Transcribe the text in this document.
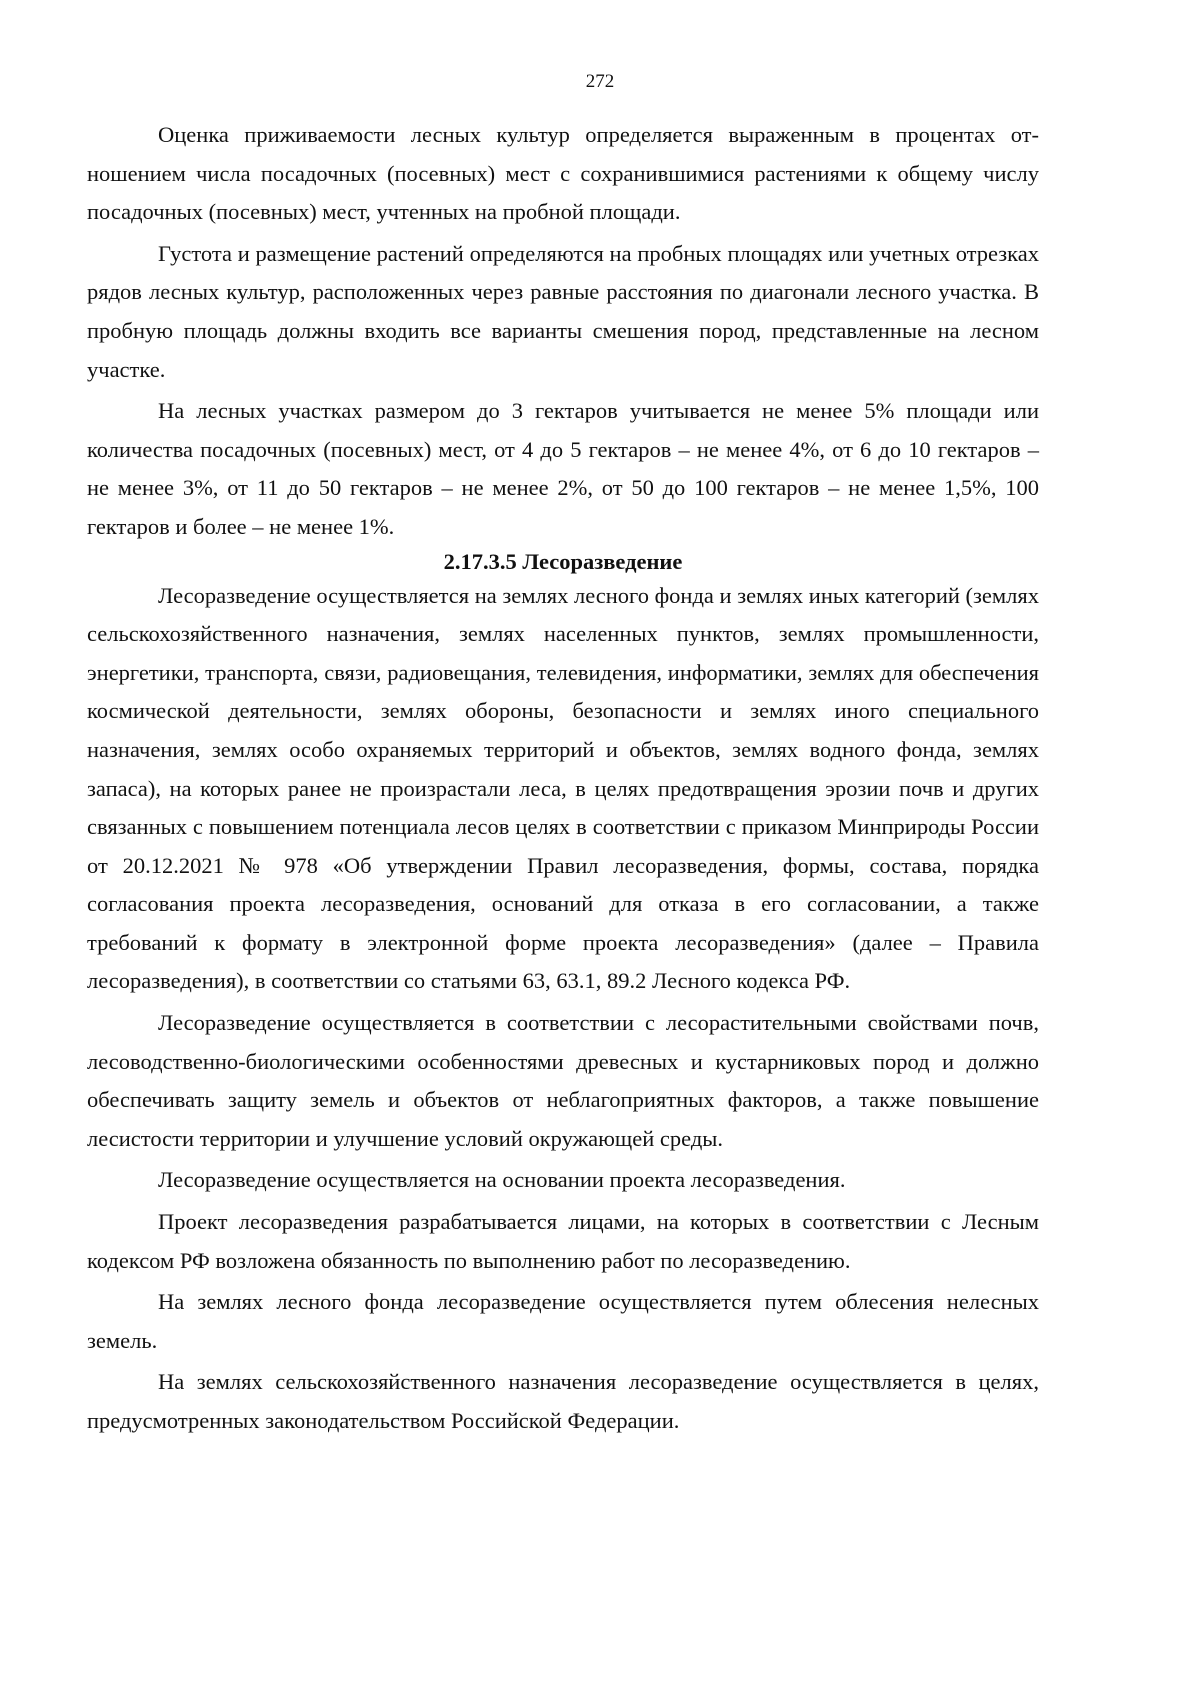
272

Оценка приживаемости лесных культур определяется выраженным в процентах отношением числа посадочных (посевных) мест с сохранившимися растениями к общему числу посадочных (посевных) мест, учтенных на пробной площади.

Густота и размещение растений определяются на пробных площадях или учетных отрезках рядов лесных культур, расположенных через равные расстояния по диагонали лесного участка. В пробную площадь должны входить все варианты смешения пород, представленные на лесном участке.

На лесных участках размером до 3 гектаров учитывается не менее 5% площади или количества посадочных (посевных) мест, от 4 до 5 гектаров – не менее 4%, от 6 до 10 гектаров – не менее 3%, от 11 до 50 гектаров – не менее 2%, от 50 до 100 гектаров – не менее 1,5%, 100 гектаров и более – не менее 1%.

2.17.3.5 Лесоразведение

Лесоразведение осуществляется на землях лесного фонда и землях иных категорий (землях сельскохозяйственного назначения, землях населенных пунктов, землях промышленности, энергетики, транспорта, связи, радиовещания, телевидения, информатики, землях для обеспечения космической деятельности, землях обороны, безопасности и землях иного специального назначения, землях особо охраняемых территорий и объектов, землях водного фонда, землях запаса), на которых ранее не произрастали леса, в целях предотвращения эрозии почв и других связанных с повышением потенциала лесов целях в соответствии с приказом Минприроды России от 20.12.2021 № 978 «Об утверждении Правил лесоразведения, формы, состава, порядка согласования проекта лесоразведения, оснований для отказа в его согласовании, а также требований к формату в электронной форме проекта лесоразведения» (далее – Правила лесоразведения), в соответствии со статьями 63, 63.1, 89.2 Лесного кодекса РФ.

Лесоразведение осуществляется в соответствии с лесорастительными свойствами почв, лесоводственно-биологическими особенностями древесных и кустарниковых пород и должно обеспечивать защиту земель и объектов от неблагоприятных факторов, а также повышение лесистости территории и улучшение условий окружающей среды.

Лесоразведение осуществляется на основании проекта лесоразведения.

Проект лесоразведения разрабатывается лицами, на которых в соответствии с Лесным кодексом РФ возложена обязанность по выполнению работ по лесоразведению.

На землях лесного фонда лесоразведение осуществляется путем облесения нелесных земель.

На землях сельскохозяйственного назначения лесоразведение осуществляется в целях, предусмотренных законодательством Российской Федерации.
